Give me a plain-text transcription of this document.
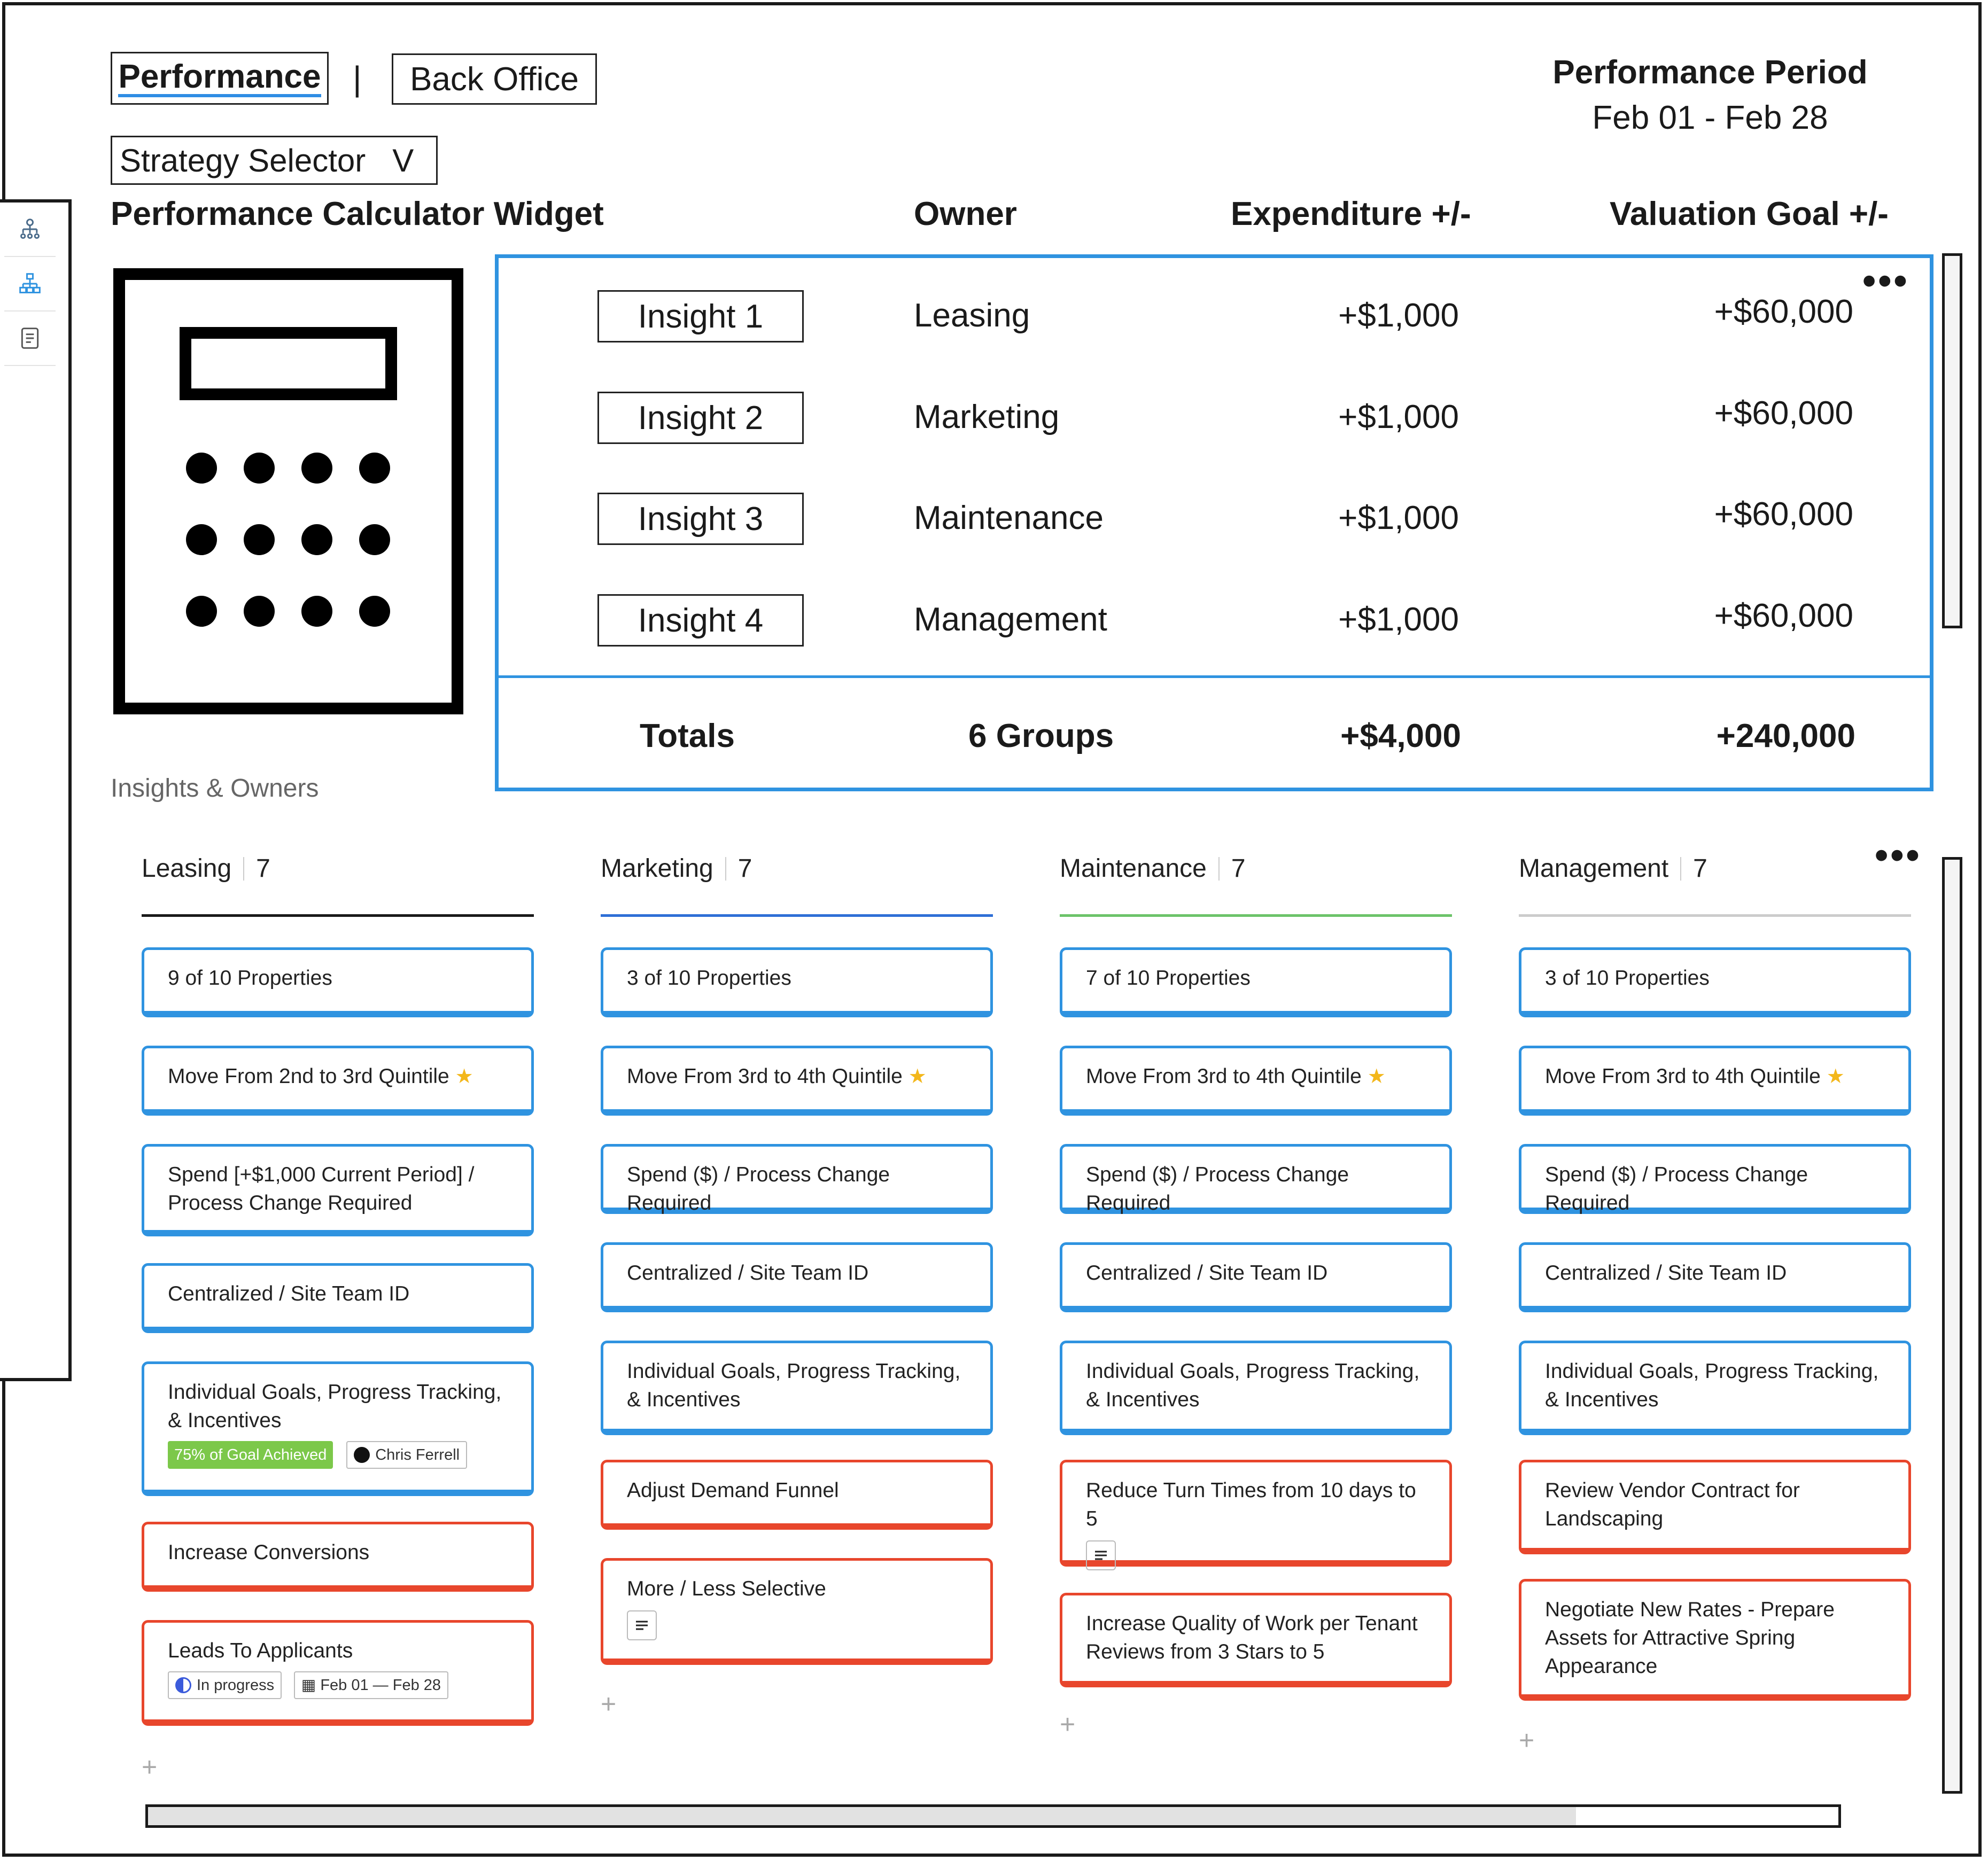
Performance |	Back Office
Strategy Selector V
Performance Period
Feb 01 - Feb 28
Performance Calculator Widget	Owner	Expenditure +/-	Valuation Goal +/-
Insights & Owners
•••
Insight 1	Leasing	+$1,000	+$60,000
Insight 2	Marketing	+$1,000	+$60,000
Insight 3	Maintenance	+$1,000	+$60,000
Insight 4	Management	+$1,000	+$60,000
Totals	6 Groups	+$4,000	+240,000
•••
Leasing 7
9 of 10 Properties
Move From 2nd to 3rd Quintile ★
Spend [+$1,000 Current Period] / Process Change Required
Centralized / Site Team ID
Individual Goals, Progress Tracking, & Incentives
75% of Goal Achieved	Chris Ferrell
Increase Conversions
Leads To Applicants
In progress
▦ Feb 01 — Feb 28
+
Marketing 7
3 of 10 Properties
Move From 3rd to 4th Quintile ★
Spend ($) / Process Change Required
Centralized / Site Team ID
Individual Goals, Progress Tracking, & Incentives
Adjust Demand Funnel
More / Less Selective
+
Maintenance 7
7 of 10 Properties
Move From 3rd to 4th Quintile ★
Spend ($) / Process Change Required
Centralized / Site Team ID
Individual Goals, Progress Tracking, & Incentives
Reduce Turn Times from 10 days to 5
Increase Quality of Work per Tenant Reviews from 3 Stars to 5
+
Management 7
3 of 10 Properties
Move From 3rd to 4th Quintile ★
Spend ($) / Process Change Required
Centralized / Site Team ID
Individual Goals, Progress Tracking, & Incentives
Review Vendor Contract for Landscaping
Negotiate New Rates - Prepare Assets for Attractive Spring Appearance
+
